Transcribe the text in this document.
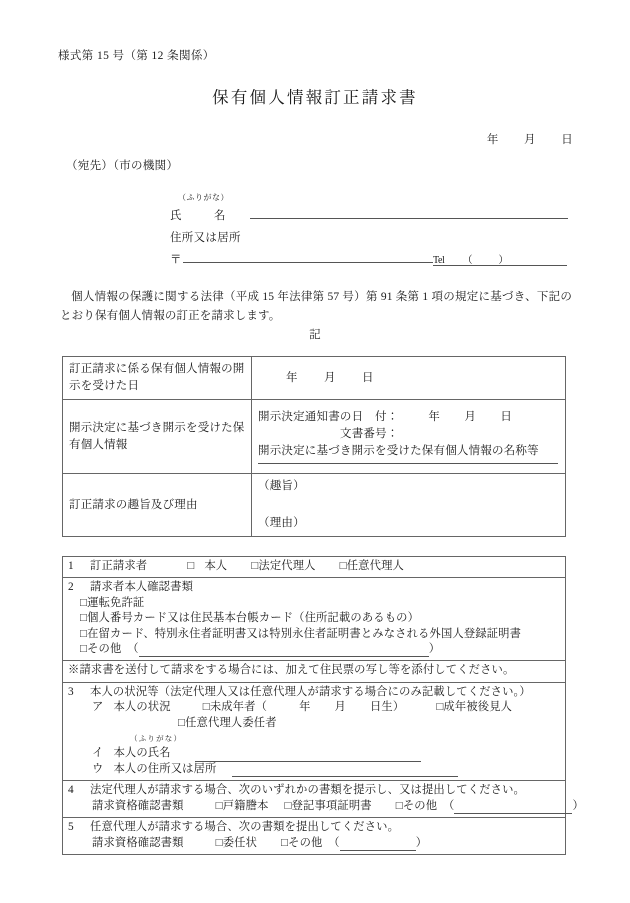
様式第 15 号（第 12 条関係）
保有個人情報訂正請求書
年 月 日
（宛先）（市の機関）
（ふりがな）
氏	名
住所又は居所
〒	Tel （	）
個人情報の保護に関する法律（平成 15 年法律第 57 号）第 91 条第 1 項の規定に基づき、下記のとおり保有個人情報の訂正を請求します。
記
訂正請求に係る保有個人情報の開示を受けた日	年 月 日
開示決定に基づき開示を受けた保有個人情報	開示決定通知書の日　付： 年 月 日
文書番号：
開示決定に基づき開示を受けた保有個人情報の名称等

訂正請求の趣旨及び理由	（趣旨）
（理由）
1 訂正請求者	□ 本人 □法定代理人 □任意代理人

2 請求者本人確認書類
□運転免許証
□個人番号カード又は住民基本台帳カード（住所記載のあるもの）
□在留カード、特別永住者証明書又は特別永住者証明書とみなされる外国人登録証明書
□その他　（	）

※請求書を送付して請求をする場合には、加えて住民票の写し等を添付してください。

3 本人の状況等（法定代理人又は任意代理人が請求する場合にのみ記載してください。）
ア 本人の状況	□未成年者（	年 月 日生）	□成年被後見人
□任意代理人委任者
（ふりがな）
イ 本人の氏名
ウ 本人の住所又は居所

4 法定代理人が請求する場合、次のいずれかの書類を提示し、又は提出してください。
請求資格確認書類	□戸籍謄本 □登記事項証明書 □その他　（	）

5 任意代理人が請求する場合、次の書類を提出してください。
請求資格確認書類	□委任状 □その他　（	）
